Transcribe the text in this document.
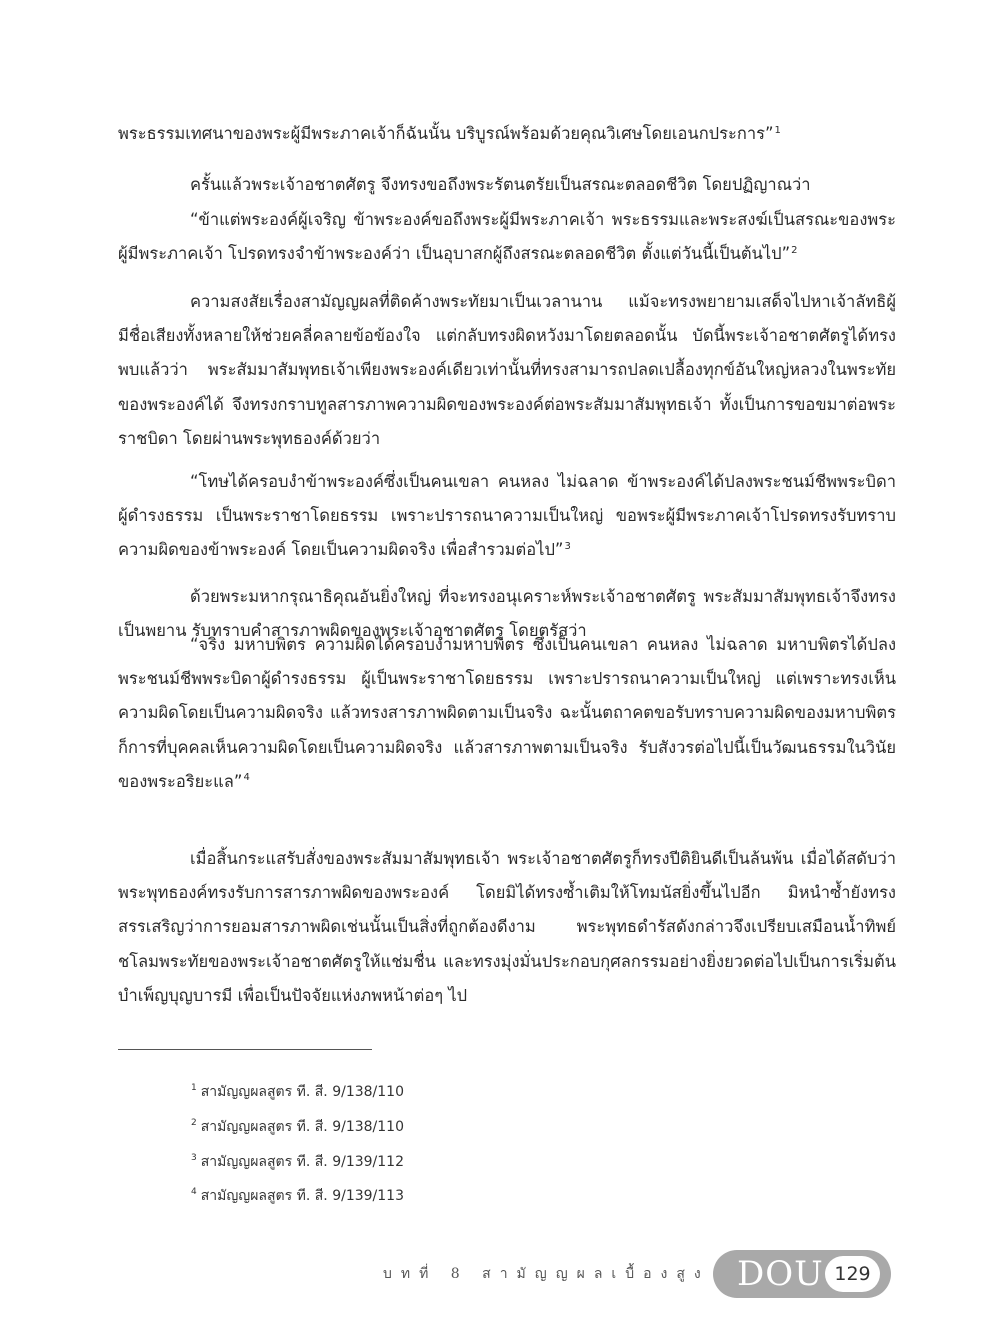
พระธรรมเทศนาของพระผู้มีพระภาคเจ้าก็ฉันนั้น บริบูรณ์พร้อมด้วยคุณวิเศษโดยเอนกประการ”$^1$

ครั้นแล้วพระเจ้าอชาตศัตรู จึงทรงขอถึงพระรัตนตรัยเป็นสรณะตลอดชีวิต โดยปฏิญาณว่า

“ข้าแต่พระองค์ผู้เจริญ ข้าพระองค์ขอถึงพระผู้มีพระภาคเจ้า พระธรรมและพระสงฆ์เป็นสรณะของพระผู้มีพระภาคเจ้า โปรดทรงจำข้าพระองค์ว่า เป็นอุบาสกผู้ถึงสรณะตลอดชีวิต ตั้งแต่วันนี้เป็นต้นไป”$^2$

ความสงสัยเรื่องสามัญญผลที่ติดค้างพระทัยมาเป็นเวลานาน แม้จะทรงพยายามเสด็จไปหาเจ้าลัทธิผู้มีชื่อเสียงทั้งหลายให้ช่วยคลี่คลายข้อข้องใจ แต่กลับทรงผิดหวังมาโดยตลอดนั้น บัดนี้พระเจ้าอชาตศัตรูได้ทรงพบแล้วว่า พระสัมมาสัมพุทธเจ้าเพียงพระองค์เดียวเท่านั้นที่ทรงสามารถปลดเปลื้องทุกข์อันใหญ่หลวงในพระทัยของพระองค์ได้ จึงทรงกราบทูลสารภาพความผิดของพระองค์ต่อพระสัมมาสัมพุทธเจ้า ทั้งเป็นการขอขมาต่อพระราชบิดา โดยผ่านพระพุทธองค์ด้วยว่า

“โทษได้ครอบงำข้าพระองค์ซึ่งเป็นคนเขลา คนหลง ไม่ฉลาด ข้าพระองค์ได้ปลงพระชนม์ชีพพระบิดา ผู้ดำรงธรรม เป็นพระราชาโดยธรรม เพราะปรารถนาความเป็นใหญ่ ขอพระผู้มีพระภาคเจ้าโปรดทรงรับทราบความผิดของข้าพระองค์ โดยเป็นความผิดจริง เพื่อสำรวมต่อไป”$^3$

ด้วยพระมหากรุณาธิคุณอันยิ่งใหญ่ ที่จะทรงอนุเคราะห์พระเจ้าอชาตศัตรู พระสัมมาสัมพุทธเจ้าจึงทรงเป็นพยาน รับทราบคำสารภาพผิดของพระเจ้าอชาตศัตรู โดยตรัสว่า

“จริง มหาบพิตร ความผิดได้ครอบงำมหาบพิตร ซึ่งเป็นคนเขลา คนหลง ไม่ฉลาด มหาบพิตรได้ปลงพระชนม์ชีพพระบิดาผู้ดำรงธรรม ผู้เป็นพระราชาโดยธรรม เพราะปรารถนาความเป็นใหญ่ แต่เพราะทรงเห็นความผิดโดยเป็นความผิดจริง แล้วทรงสารภาพผิดตามเป็นจริง ฉะนั้นตถาคตขอรับทราบความผิดของมหาบพิตร ก็การที่บุคคลเห็นความผิดโดยเป็นความผิดจริง แล้วสารภาพตามเป็นจริง รับสังวรต่อไปนี้เป็นวัฒนธรรมในวินัยของพระอริยะแล”$^4$

เมื่อสิ้นกระแสรับสั่งของพระสัมมาสัมพุทธเจ้า พระเจ้าอชาตศัตรูก็ทรงปีติยินดีเป็นล้นพ้น เมื่อได้สดับว่าพระพุทธองค์ทรงรับการสารภาพผิดของพระองค์ โดยมิได้ทรงซ้ำเติมให้โทมนัสยิ่งขึ้นไปอีก มิหนำซ้ำยังทรงสรรเสริญว่าการยอมสารภาพผิดเช่นนั้นเป็นสิ่งที่ถูกต้องดีงาม พระพุทธดำรัสดังกล่าวจึงเปรียบเสมือนน้ำทิพย์ชโลมพระทัยของพระเจ้าอชาตศัตรูให้แช่มชื่น และทรงมุ่งมั่นประกอบกุศลกรรมอย่างยิ่งยวดต่อไปเป็นการเริ่มต้นบำเพ็ญบุญบารมี เพื่อเป็นปัจจัยแห่งภพหน้าต่อๆ ไป

$^1$ สามัญญผลสูตร ที. สี. 9/138/110
$^2$ สามัญญผลสูตร ที. สี. 9/138/110
$^3$ สามัญญผลสูตร ที. สี. 9/139/112
$^4$ สามัญญผลสูตร ที. สี. 9/139/113
บทที่ 8 สามัญญผลเบื้องสูง DOU 129
